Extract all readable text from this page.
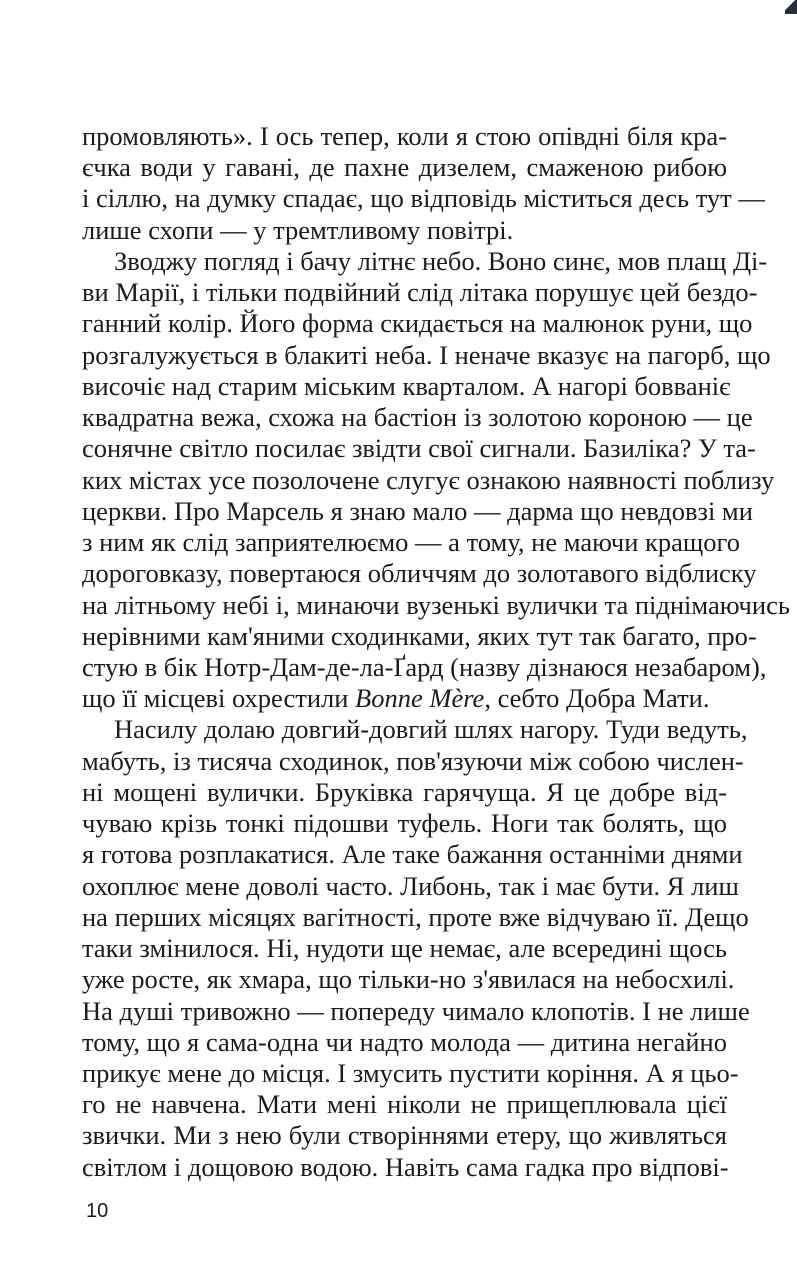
промовляють». І ось тепер, коли я стою опівдні біля кра-
єчка води у гавані, де пахне дизелем, смаженою рибою
і сіллю, на думку спадає, що відповідь міститься десь тут —
лише схопи — у тремтливому повітрі.
Зводжу погляд і бачу літнє небо. Воно синє, мов плащ Ді-
ви Марії, і тільки подвійний слід літака порушує цей бездо-
ганний колір. Його форма скидається на малюнок руни, що
розгалужується в блакиті неба. І неначе вказує на пагорб, що
височіє над старим міським кварталом. А нагорі бовваніє
квадратна вежа, схожа на бастіон із золотою короною — це
сонячне світло посилає звідти свої сигнали. Базиліка? У та-
ких містах усе позолочене слугує ознакою наявності поблизу
церкви. Про Марсель я знаю мало — дарма що невдовзі ми
з ним як слід заприятелюємо — а тому, не маючи кращого
дороговказу, повертаюся обличчям до золотавого відблиску
на літньому небі і, минаючи вузенькі вулички та піднімаючись
нерівними кам'яними сходинками, яких тут так багато, про-
стую в бік Нотр-Дам-де-ла-Ґард (назву дізнаюся незабаром),
що її місцеві охрестили Bonne Mère, себто Добра Мати.
Насилу долаю довгий-довгий шлях нагору. Туди ведуть,
мабуть, із тисяча сходинок, пов'язуючи між собою числен-
ні мощені вулички. Бруківка гарячуща. Я це добре від-
чуваю крізь тонкі підошви туфель. Ноги так болять, що
я готова розплакатися. Але таке бажання останніми днями
охоплює мене доволі часто. Либонь, так і має бути. Я лиш
на перших місяцях вагітності, проте вже відчуваю її. Дещо
таки змінилося. Ні, нудоти ще немає, але всередині щось
уже росте, як хмара, що тільки-но з'явилася на небосхилі.
На душі тривожно — попереду чимало клопотів. І не лише
тому, що я сама-одна чи надто молода — дитина негайно
прикує мене до місця. І змусить пустити коріння. А я цьо-
10
го не навчена. Мати мені ніколи не прищеплювала цієї
звички. Ми з нею були створіннями етеру, що живляться
світлом і дощовою водою. Навіть сама гадка про відпові-
